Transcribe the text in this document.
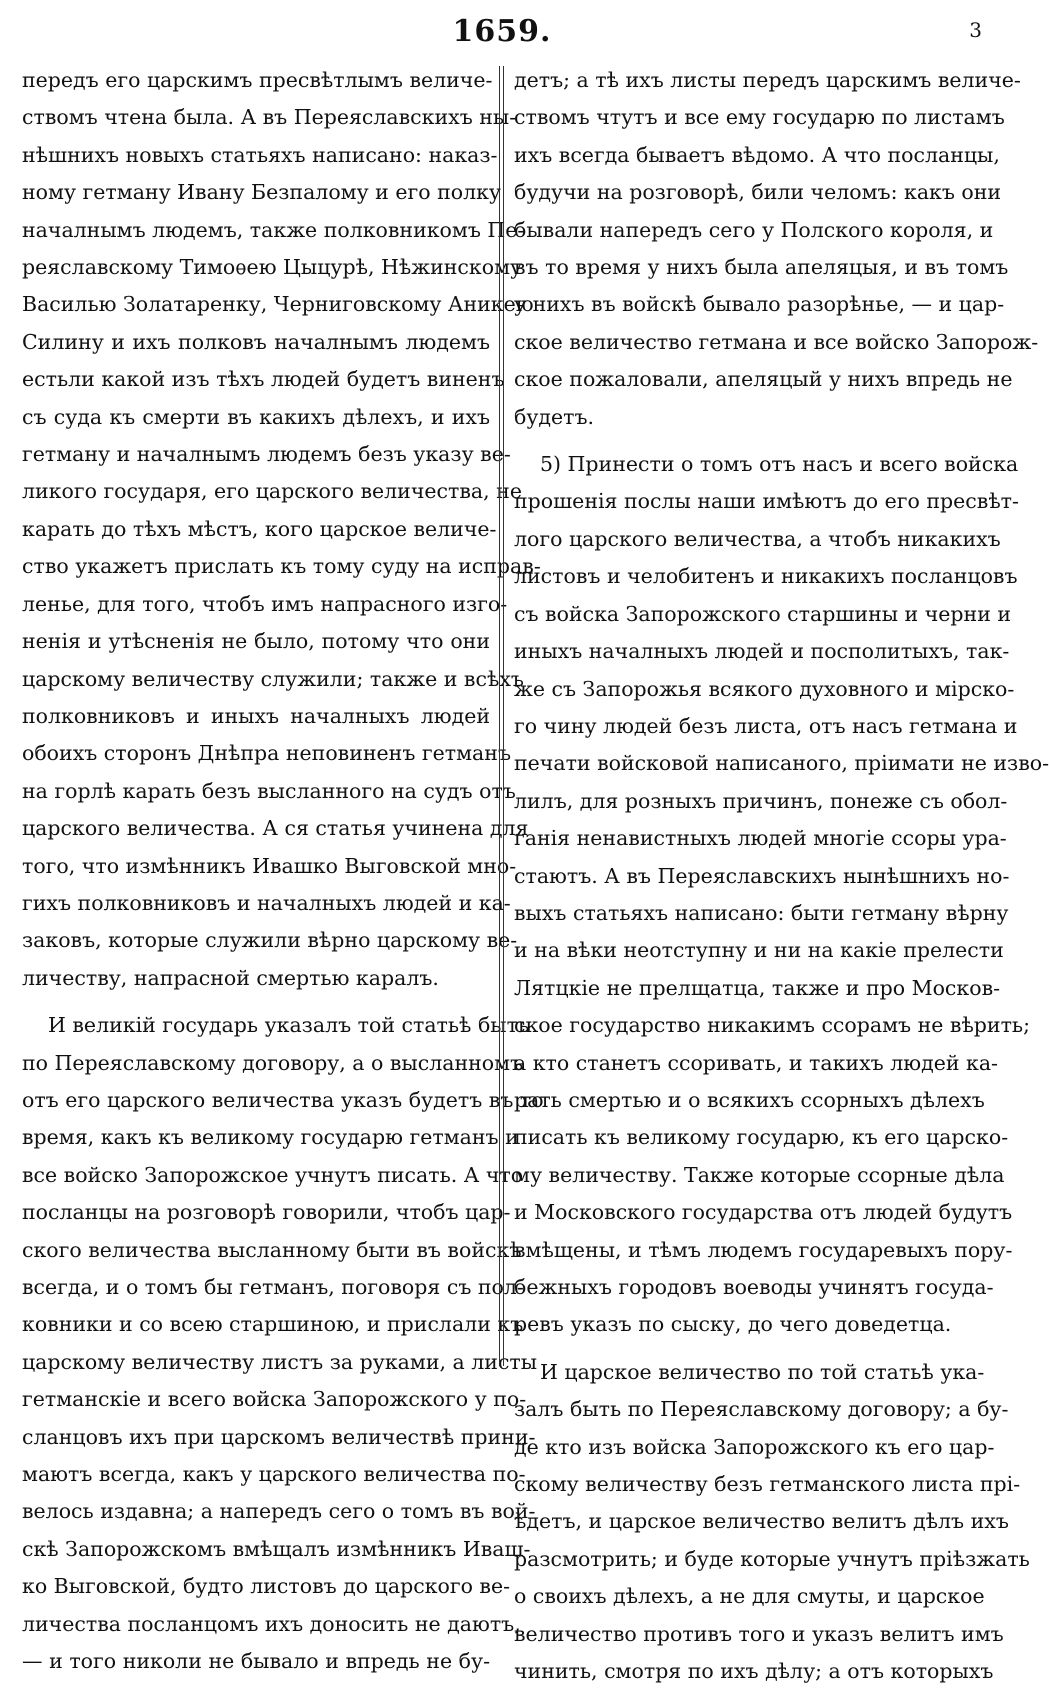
1659.	3
передъ его царскимъ пресвѣтлымъ величе-
ствомъ чтена была. А въ Переяславскихъ ны-
нѣшнихъ новыхъ статьяхъ написано: наказ-
ному гетману Ивану Безпалому и его полку
началнымъ людемъ, также полковникомъ Пе-
реяславскому Тимоѳею Цыцурѣ, Нѣжинскому
Василью Золатаренку, Черниговскому Аникею
Силину и ихъ полковъ началнымъ людемъ
естьли какой изъ тѣхъ людей будетъ виненъ
съ суда къ смерти въ какихъ дѣлехъ, и ихъ
гетману и началнымъ людемъ безъ указу ве-
ликого государя, его царского величества, не
карать до тѣхъ мѣстъ, кого царское величе-
ство укажетъ прислать къ тому суду на исправ-
ленье, для того, чтобъ имъ напрасного изго-
ненія и утѣсненія не было, потому что они
царскому величеству служили; также и всѣхъ
полковниковъ и иныхъ началныхъ людей
обоихъ сторонъ Днѣпра неповиненъ гетманъ
на горлѣ карать безъ высланного на судъ отъ
царского величества. А ся статья учинена для
того, что измѣнникъ Ивашко Выговской мно-
гихъ полковниковъ и началныхъ людей и ка-
заковъ, которые служили вѣрно царскому ве-
личеству, напрасной смертью каралъ.
И великій государь указалъ той статьѣ быть
по Переяславскому договору, а о высланномъ
отъ его царского величества указъ будетъ въ то
время, какъ къ великому государю гетманъ и
все войско Запорожское учнутъ писать. А что
посланцы на розговорѣ говорили, чтобъ цар-
ского величества высланному быти въ войскѣ
всегда, и о томъ бы гетманъ, поговоря съ пол-
ковники и со всею старшиною, и прислали къ
царскому величеству листъ за руками, а листы
гетманскіе и всего войска Запорожского у по-
сланцовъ ихъ при царскомъ величествѣ прини-
маютъ всегда, какъ у царского величества по-
велось издавна; а напередъ сего о томъ въ вой-
скѣ Запорожскомъ вмѣщалъ измѣнникъ Иваш-
ко Выговской, будто листовъ до царского ве-
личества посланцомъ ихъ доносить не даютъ,
— и того николи не бывало и впредь не бу-
детъ; а тѣ ихъ листы передъ царскимъ величе-
ствомъ чтутъ и все ему государю по листамъ
ихъ всегда бываетъ вѣдомо. А что посланцы,
будучи на розговорѣ, били челомъ: какъ они
бывали напередъ сего у Полского короля, и
въ то время у нихъ была апеляцыя, и въ томъ
у нихъ въ войскѣ бывало разорѣнье, — и цар-
ское величество гетмана и все войско Запорож-
ское пожаловали, апеляцый у нихъ впредь не
будетъ.
5) Принести о томъ отъ насъ и всего войска
прошенія послы наши имѣютъ до его пресвѣт-
лого царского величества, а чтобъ никакихъ
листовъ и челобитенъ и никакихъ посланцовъ
съ войска Запорожского старшины и черни и
иныхъ началныхъ людей и посполитыхъ, так-
же съ Запорожья всякого духовного и мірско-
го чину людей безъ листа, отъ насъ гетмана и
печати войсковой написаного, пріимати не изво-
лилъ, для розныхъ причинъ, понеже съ обол-
ганія ненавистныхъ людей многіе ссоры ура-
стаютъ. А въ Переяславскихъ нынѣшнихъ но-
выхъ статьяхъ написано: быти гетману вѣрну
и на вѣки неотступну и ни на какіе прелести
Лятцкіе не прелщатца, также и про Москов-
ское государство никакимъ ссорамъ не вѣрить;
а кто станетъ ссоривать, и такихъ людей ка-
рать смертью и о всякихъ ссорныхъ дѣлехъ
писать къ великому государю, къ его царско-
му величеству. Также которые ссорные дѣла
и Московского государства отъ людей будутъ
вмѣщены, и тѣмъ людемъ государевыхъ пору-
бежныхъ городовъ воеводы учинятъ госуда-
ревъ указъ по сыску, до чего доведетца.
И царское величество по той статьѣ ука-
залъ быть по Переяславскому договору; а бу-
де кто изъ войска Запорожского къ его цар-
скому величеству безъ гетманского листа прі-
ѣдетъ, и царское величество велитъ дѣлъ ихъ
разсмотрить; и буде которые учнутъ пріѣзжать
о своихъ дѣлехъ, а не для смуты, и царское
величество противъ того и указъ велитъ имъ
чинить, смотря по ихъ дѣлу; а отъ которыхъ
